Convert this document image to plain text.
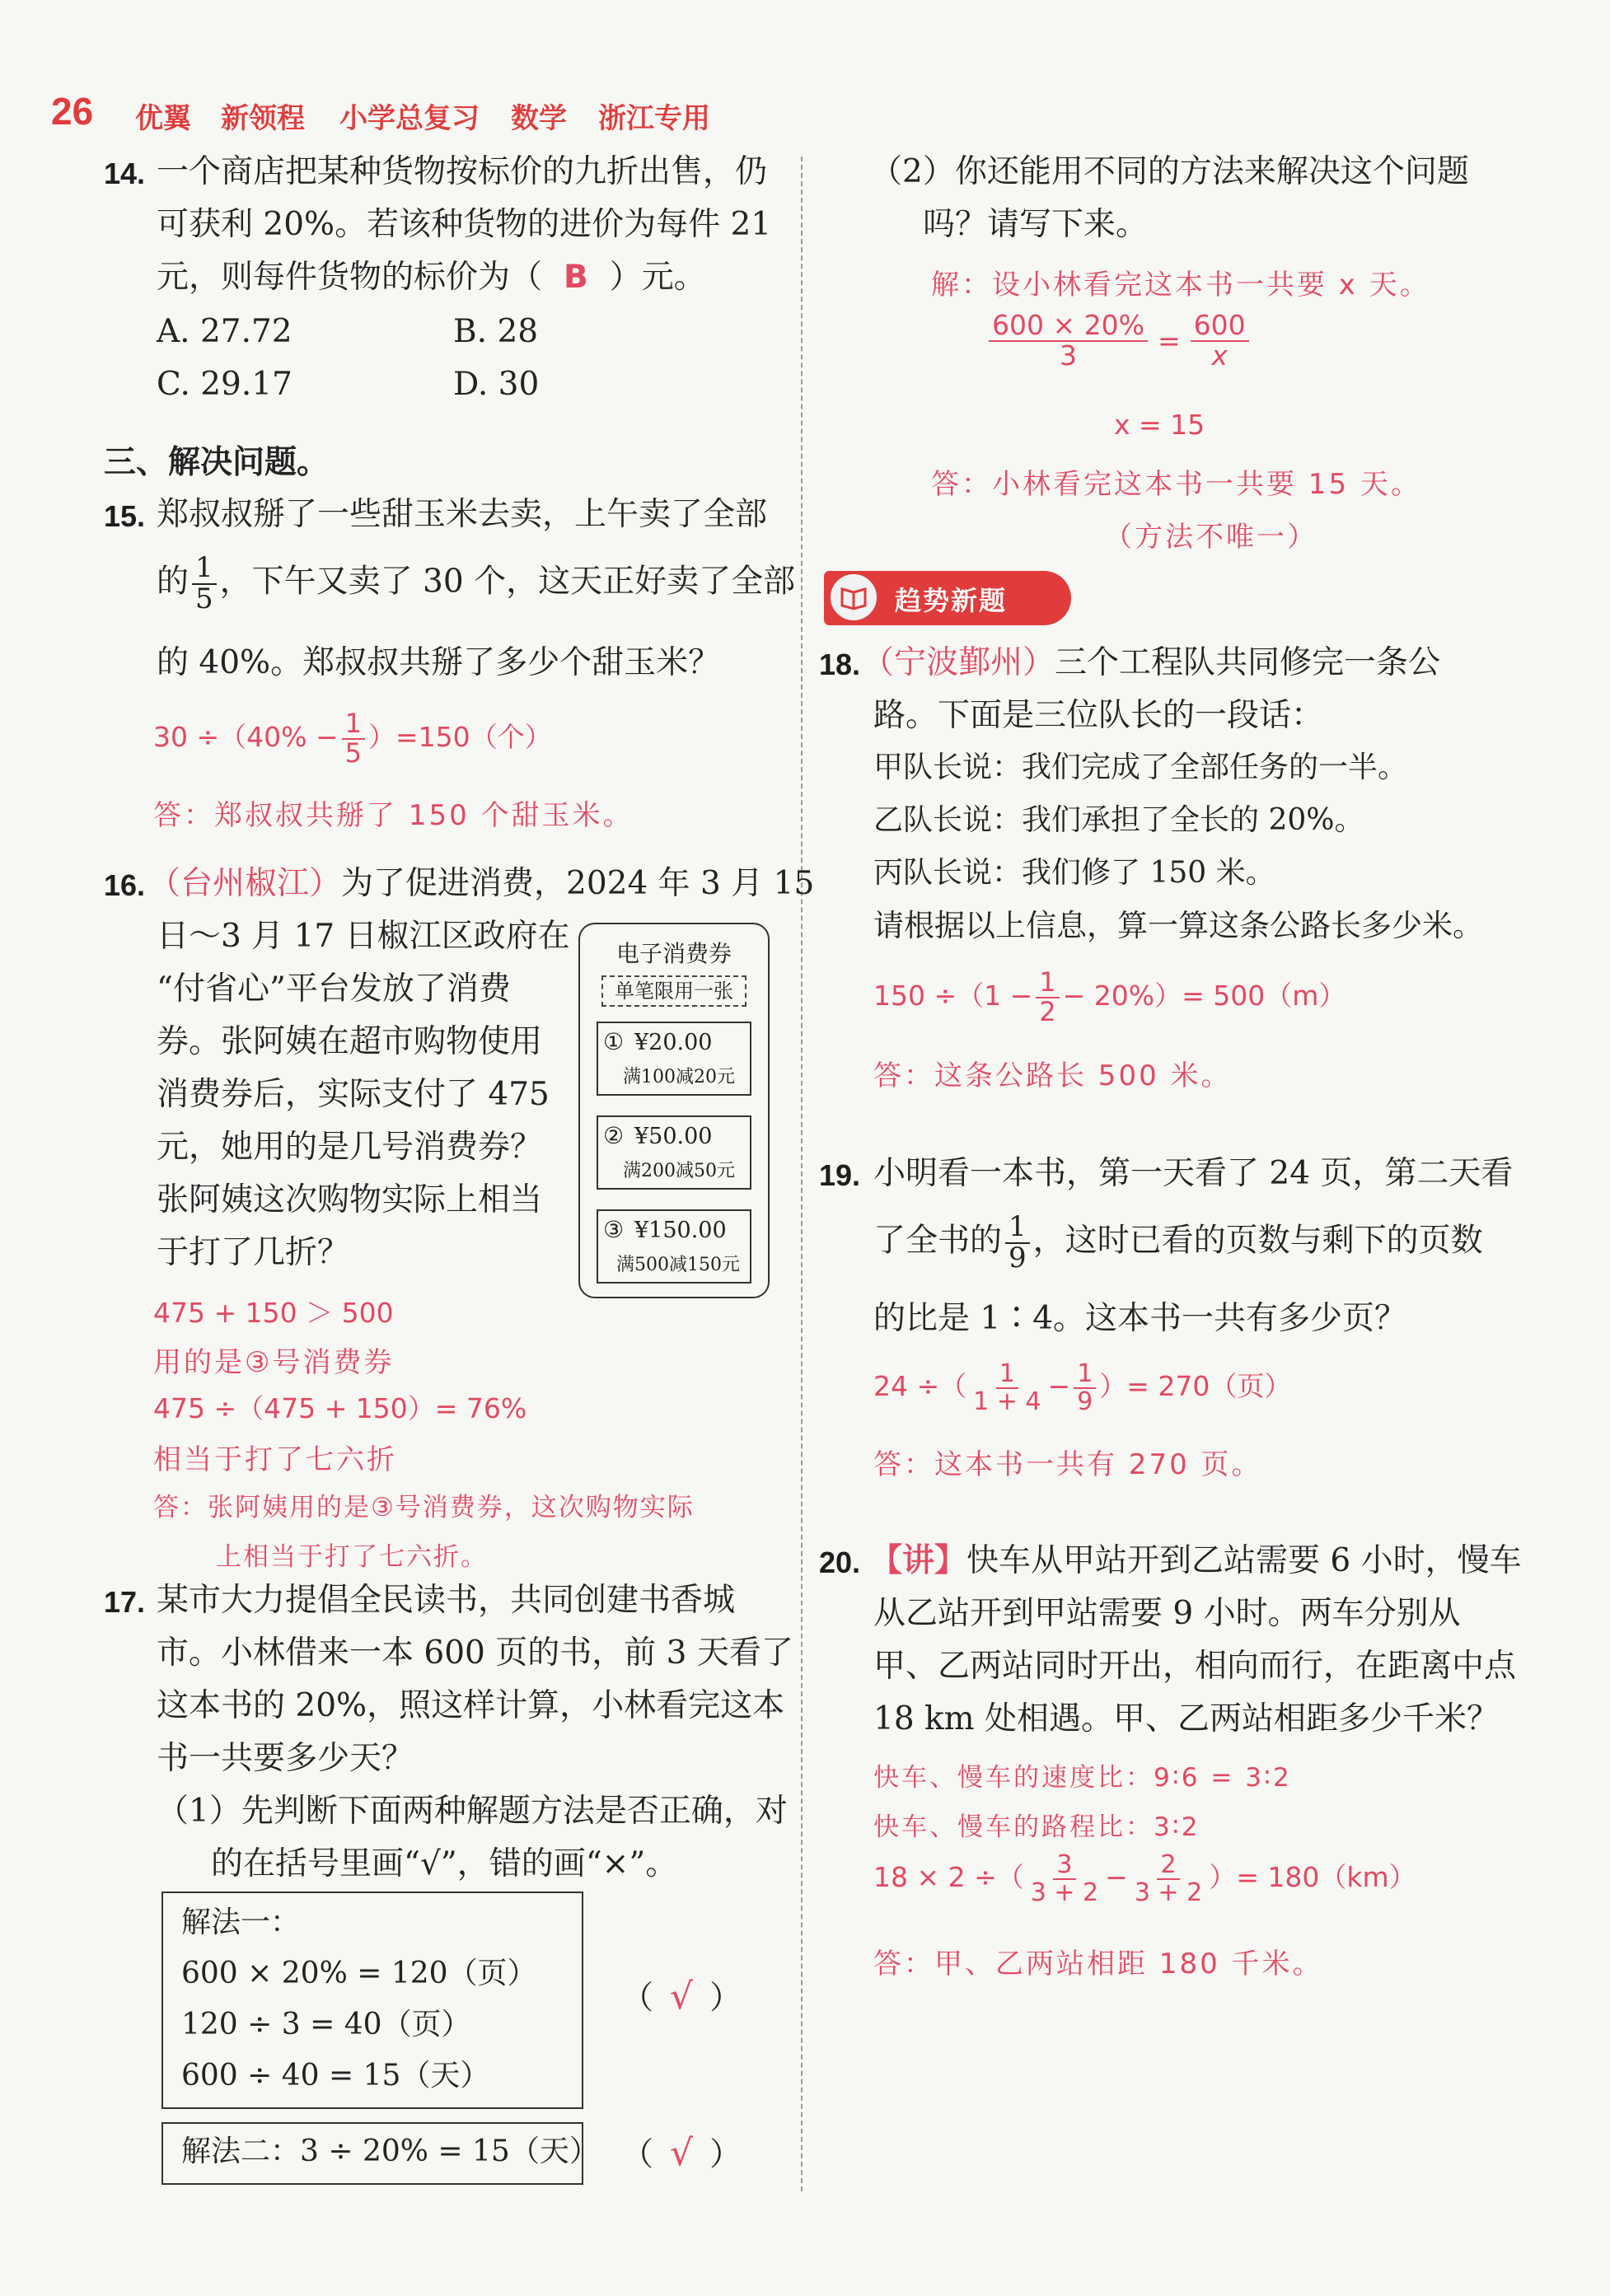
26 优翼 新领程 小学总复习 数学 浙江专用
14. 一个商店把某种货物按标价的九折出售，仍
可获利 20%。若该种货物的进价为每件 21
元，则每件货物的标价为（ B ）元。
A. 27.72	B. 28
C. 29.17	D. 30
三、解决问题。
15. 郑叔叔掰了一些甜玉米去卖，上午卖了全部
的 $\frac{1}{5}$ ，下午又卖了 30 个，这天正好卖了全部
的 40%。郑叔叔共掰了多少个甜玉米？
$30 \div(40\% - \frac{1}{5} )=150$（个）
答：郑叔叔共掰了 150 个甜玉米。
16. （台州椒江）为了促进消费，2024 年 3 月 15
日～3 月 17 日椒江区政府在
“付省心”平台发放了消费
券。张阿姨在超市购物使用
消费券后，实际支付了 475
元，她用的是几号消费券？
张阿姨这次购物实际上相当
于打了几折？
电子消费券
单笔限用一张
① ¥20.00
满100减20元
② ¥50.00
满200减50元
③ ¥150.00
满500减150元
475 + 150 ＞ 500
用的是③号消费券
475 ÷（475 + 150）= 76%
相当于打了七六折
答：张阿姨用的是③号消费券，这次购物实际
上相当于打了七六折。
17. 某市大力提倡全民读书，共同创建书香城
市。小林借来一本 600 页的书，前 3 天看了
这本书的 20%，照这样计算，小林看完这本
书一共要多少天？
（1）先判断下面两种解题方法是否正确，对
的在括号里画“√”，错的画“×”。
解法一：
600 × 20% = 120（页）
120 ÷ 3 = 40（页）
600 ÷ 40 = 15（天）
（ √ ）
解法二：3 ÷ 20% = 15（天） （ √ ）
（2）你还能用不同的方法来解决这个问题
吗？请写下来。
解：设小林看完这本书一共要 x 天。
$\frac{600 \times 20\%}{3} = \frac{600}{x}$
x = 15
答：小林看完这本书一共要 15 天。
（方法不唯一）
趋势新题
18. （宁波鄞州）三个工程队共同修完一条公
路。下面是三位队长的一段话：
甲队长说：我们完成了全部任务的一半。
乙队长说：我们承担了全长的 20%。
丙队长说：我们修了 150 米。
请根据以上信息，算一算这条公路长多少米。
$150 \div(1 - \frac{1}{2} - 20\%)= 500(m)$
答：这条公路长 500 米。
19. 小明看一本书，第一天看了 24 页，第二天看
了全书的 $\frac{1}{9}$ ，这时已看的页数与剩下的页数
的比是 1∶4。这本书一共有多少页？
24 ÷（ $\frac{1}{1 + 4} - \frac{1}{9}$ ）= 270（页）
答：这本书一共有 270 页。
20. 【讲】快车从甲站开到乙站需要 6 小时，慢车
从乙站开到甲站需要 9 小时。两车分别从
甲、乙两站同时开出，相向而行，在距离中点
18 km 处相遇。甲、乙两站相距多少千米？
快车、慢车的速度比：9∶6 = 3∶2
快车、慢车的路程比：3∶2
18 × 2 ÷（ $\frac{3}{3 + 2} - \frac{2}{3 + 2}$ ）= 180（km）
答：甲、乙两站相距 180 千米。
